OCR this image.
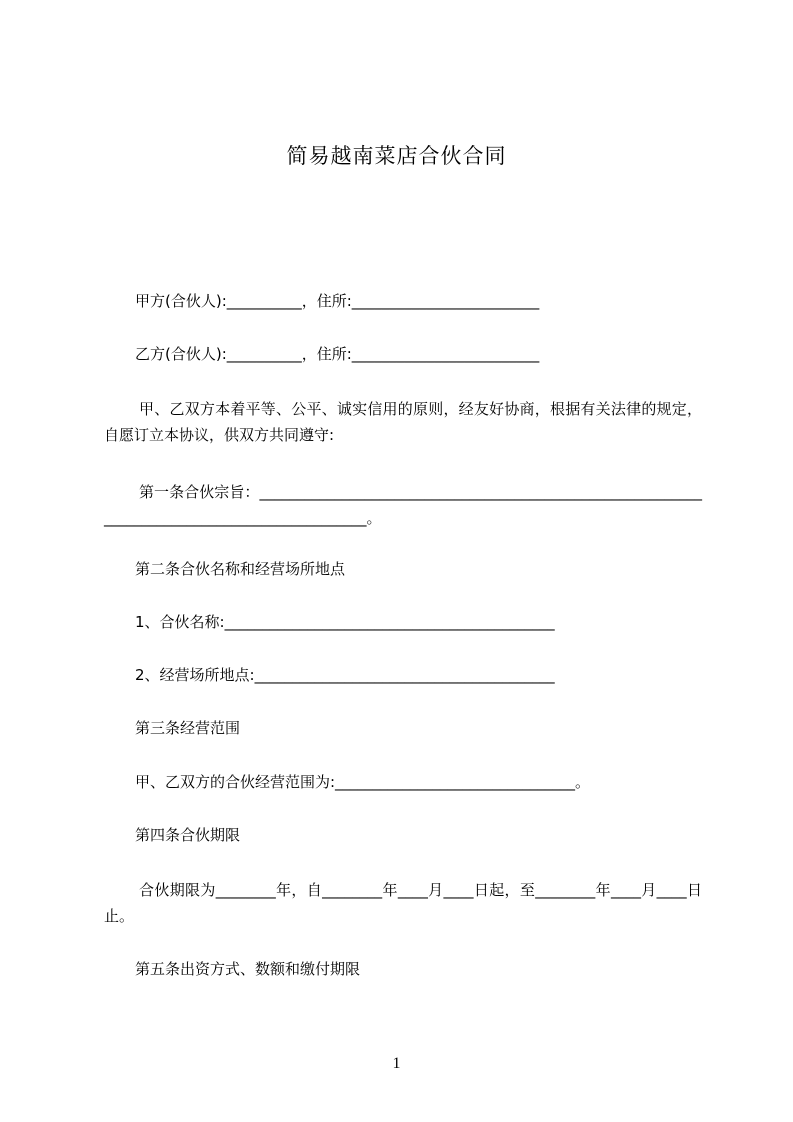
简易越南菜店合伙合同
甲方(合伙人):__________，住所:_________________________
乙方(合伙人):__________，住所:_________________________
甲、乙双方本着平等、公平、诚实信用的原则，经友好协商，根据有关法律的规定，自愿订立本协议，供双方共同遵守:
第一条合伙宗旨：______________________________________________________________________________________________。
第二条合伙名称和经营场所地点
1、合伙名称:____________________________________________
2、经营场所地点:________________________________________
第三条经营范围
甲、乙双方的合伙经营范围为:________________________________。
第四条合伙期限
合伙期限为________年，自________年____月____日起，至________年____月____日止。
第五条出资方式、数额和缴付期限
1
